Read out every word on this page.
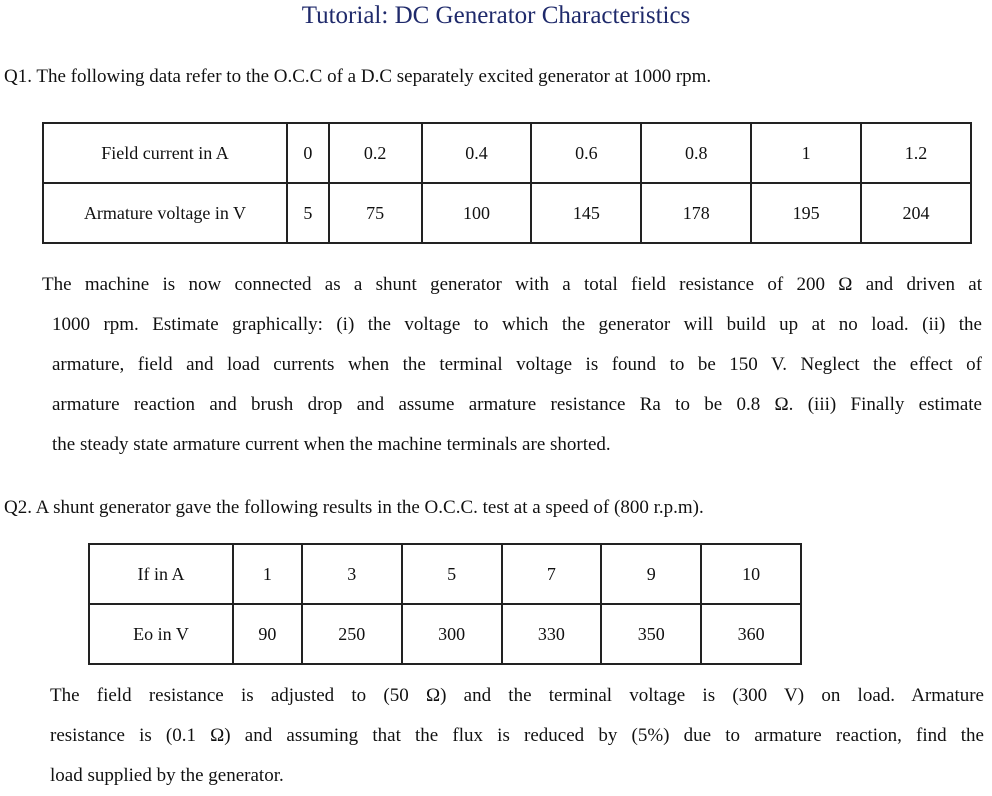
Tutorial: DC Generator Characteristics
Q1. The following data refer to the O.C.C of a D.C separately excited generator at 1000 rpm.
Field current in A	0	0.2	0.4	0.6	0.8	1	1.2
Armature voltage in V	5	75	100	145	178	195	204
The machine is now connected as a shunt generator with a total field resistance of 200 Ω and driven at
1000 rpm. Estimate graphically: (i) the voltage to which the generator will build up at no load. (ii) the
armature, field and load currents when the terminal voltage is found to be 150 V. Neglect the effect of
armature reaction and brush drop and assume armature resistance Ra to be 0.8 Ω. (iii) Finally estimate
the steady state armature current when the machine terminals are shorted.
Q2. A shunt generator gave the following results in the O.C.C. test at a speed of (800 r.p.m).
If in A	1	3	5	7	9	10
Eo in V	90	250	300	330	350	360
The field resistance is adjusted to (50 Ω) and the terminal voltage is (300 V) on load. Armature
resistance is (0.1 Ω) and assuming that the flux is reduced by (5%) due to armature reaction, find the
load supplied by the generator.
